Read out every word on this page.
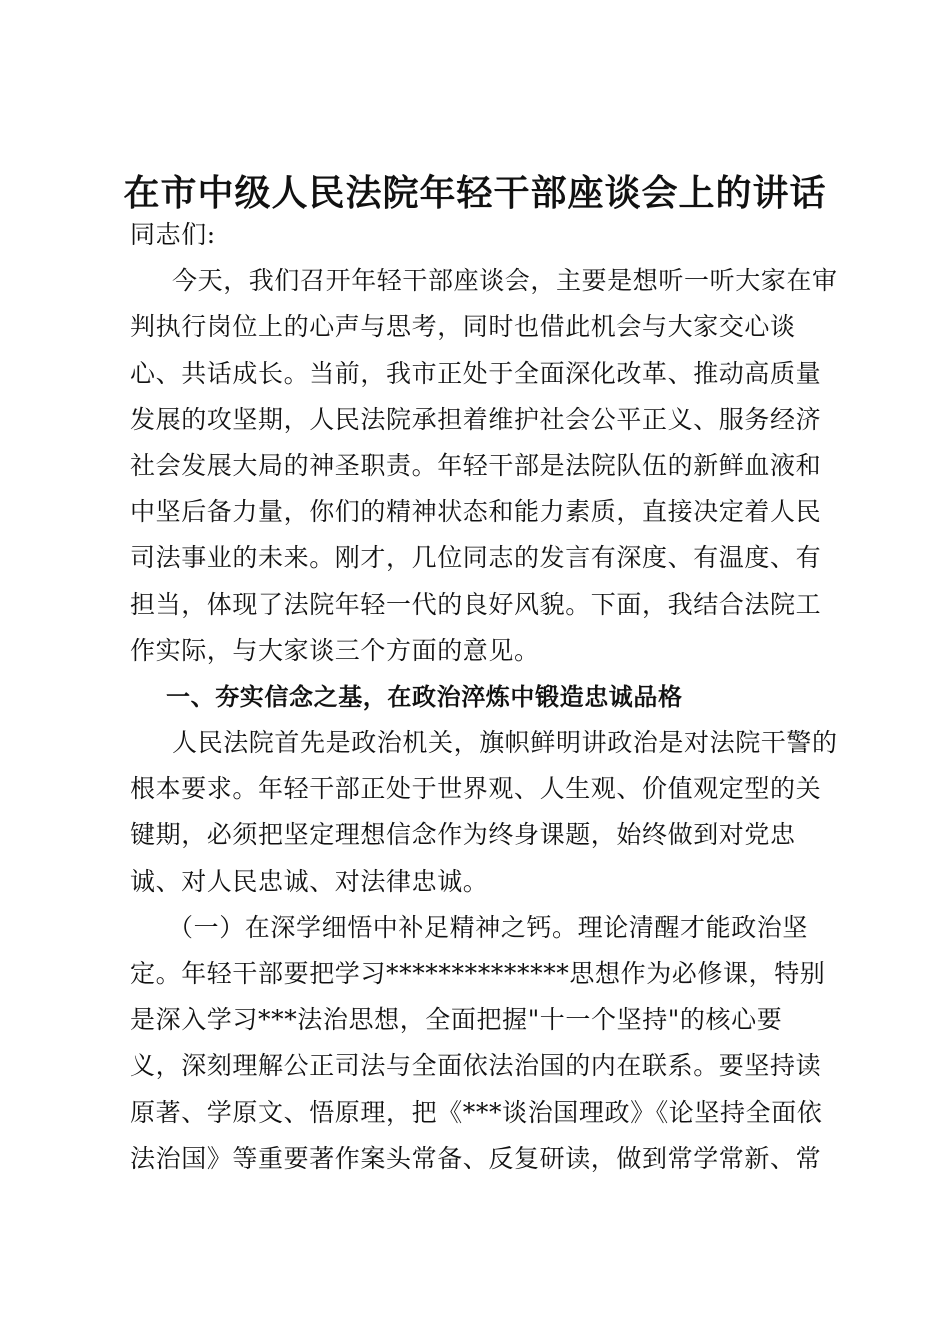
在市中级人民法院年轻干部座谈会上的讲话
同志们:
今天，我们召开年轻干部座谈会，主要是想听一听大家在审
判执行岗位上的心声与思考，同时也借此机会与大家交心谈
心、共话成长。当前，我市正处于全面深化改革、推动高质量
发展的攻坚期，人民法院承担着维护社会公平正义、服务经济
社会发展大局的神圣职责。年轻干部是法院队伍的新鲜血液和
中坚后备力量，你们的精神状态和能力素质，直接决定着人民
司法事业的未来。刚才，几位同志的发言有深度、有温度、有
担当，体现了法院年轻一代的良好风貌。下面，我结合法院工
作实际，与大家谈三个方面的意见。
一、夯实信念之基，在政治淬炼中锻造忠诚品格
人民法院首先是政治机关，旗帜鲜明讲政治是对法院干警的
根本要求。年轻干部正处于世界观、人生观、价值观定型的关
键期，必须把坚定理想信念作为终身课题，始终做到对党忠
诚、对人民忠诚、对法律忠诚。
（一）在深学细悟中补足精神之钙。理论清醒才能政治坚
定。年轻干部要把学习**************思想作为必修课，特别
是深入学习***法治思想，全面把握"十一个坚持"的核心要
义，深刻理解公正司法与全面依法治国的内在联系。要坚持读
原著、学原文、悟原理，把《***谈治国理政》《论坚持全面依
法治国》等重要著作案头常备、反复研读，做到常学常新、常
